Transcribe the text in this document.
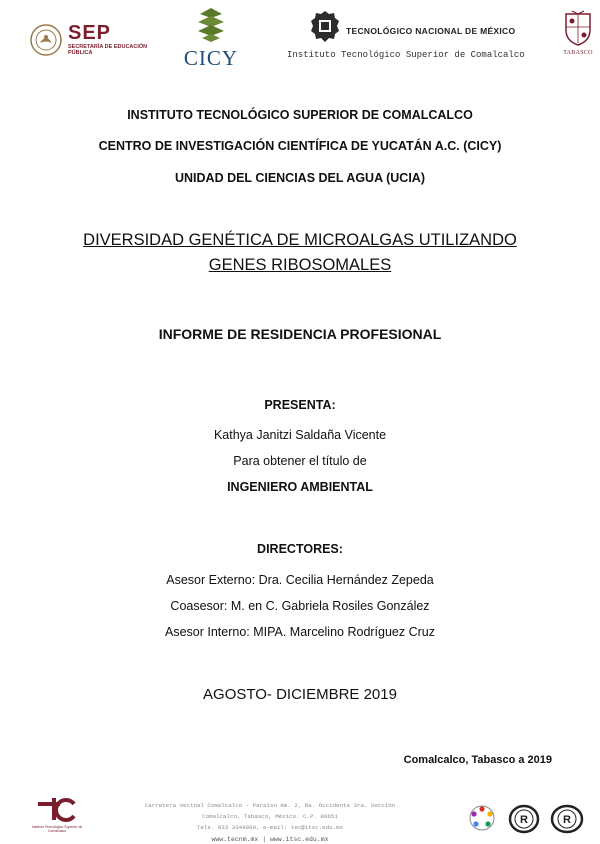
SEP
SECRETARÍA DE EDUCACIÓN PÚBLICA	CICY
TECNOLÓGICO NACIONAL DE MÉXICO
Instituto Tecnológico Superior de Comalcalco	TABASCO
INSTITUTO TECNOLÓGICO SUPERIOR DE COMALCALCO
CENTRO DE INVESTIGACIÓN CIENTÍFICA DE YUCATÁN A.C. (CICY)
UNIDAD DEL CIENCIAS DEL AGUA (UCIA)
DIVERSIDAD GENÉTICA DE MICROALGAS UTILIZANDO
GENES RIBOSOMALES
INFORME DE RESIDENCIA PROFESIONAL
PRESENTA:
Kathya Janitzi Saldaña Vicente
Para obtener el título de
INGENIERO AMBIENTAL
DIRECTORES:
Asesor Externo: Dra. Cecilia Hernández Zepeda
Coasesor: M. en C. Gabriela Rosiles González
Asesor Interno: MIPA. Marcelino Rodríguez Cruz
AGOSTO- DICIEMBRE 2019
Comalcalco, Tabasco a 2019
Instituto Tecnológico Superior de Comalcalco
Carretera Vecinal Comalcalco - Paraíso Km. 2, Ra. Occidente 3ra. Sección
Comalcalco, Tabasco, México. C.P. 86651
Tels. 933 3349090, e-mail: tec@itsc.edu.mx
www.tecnm.mx | www.itsc.edu.mx
R	R
